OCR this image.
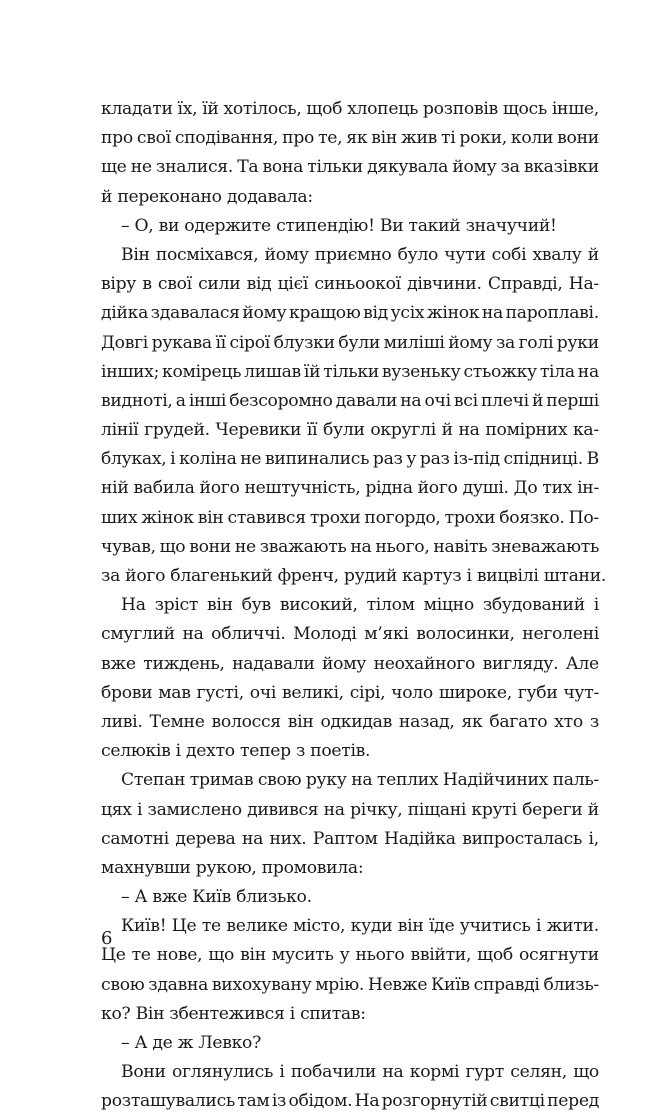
кладати їх, їй хотілось, щоб хлопець розповів щось інше,
про свої сподівання, про те, як він жив ті роки, коли вони
ще не зналися. Та вона тільки дякувала йому за вказівки
й переконано додавала:
– О, ви одержите стипендію! Ви такий значучий!
Він посміхався, йому приємно було чути собі хвалу й
віру в свої сили від цієї синьоокої дівчини. Справді, На-
дійка здавалася йому кращою від усіх жінок на пароплаві.
Довгі рукава її сірої блузки були миліші йому за голі руки
інших; комірець лишав їй тільки вузеньку стьожку тіла на
видноті, а інші безсоромно давали на очі всі плечі й перші
лінії грудей. Черевики її були округлі й на помірних ка-
блуках, і коліна не випинались раз у раз із-під спідниці. В
ній вабила його нештучність, рідна його душі. До тих ін-
ших жінок він ставився трохи погордо, трохи боязко. По-
чував, що вони не зважають на нього, навіть зневажають
за його благенький френч, рудий картуз і вицвілі штани.
На зріст він був високий, тілом міцно збудований і
смуглий на обличчі. Молоді м’які волосинки, неголені
вже тиждень, надавали йому неохайного вигляду. Але
брови мав густі, очі великі, сірі, чоло широке, губи чут-
ливі. Темне волосся він одкидав назад, як багато хто з
селюків і дехто тепер з поетів.
Степан тримав свою руку на теплих Надійчиних паль-
цях і замислено дивився на річку, піщані круті береги й
самотні дерева на них. Раптом Надійка випросталась і,
махнувши рукою, промовила:
– А вже Київ близько.
Київ! Це те велике місто, куди він їде учитись і жити.
Це те нове, що він мусить у нього ввійти, щоб осягнути
свою здавна вихохувану мрію. Невже Київ справді близь-
ко? Він збентежився і спитав:
– А де ж Левко?
Вони оглянулись і побачили на кормі гурт селян, що
розташувались там із обідом. На розгорнутій свитці перед
6
